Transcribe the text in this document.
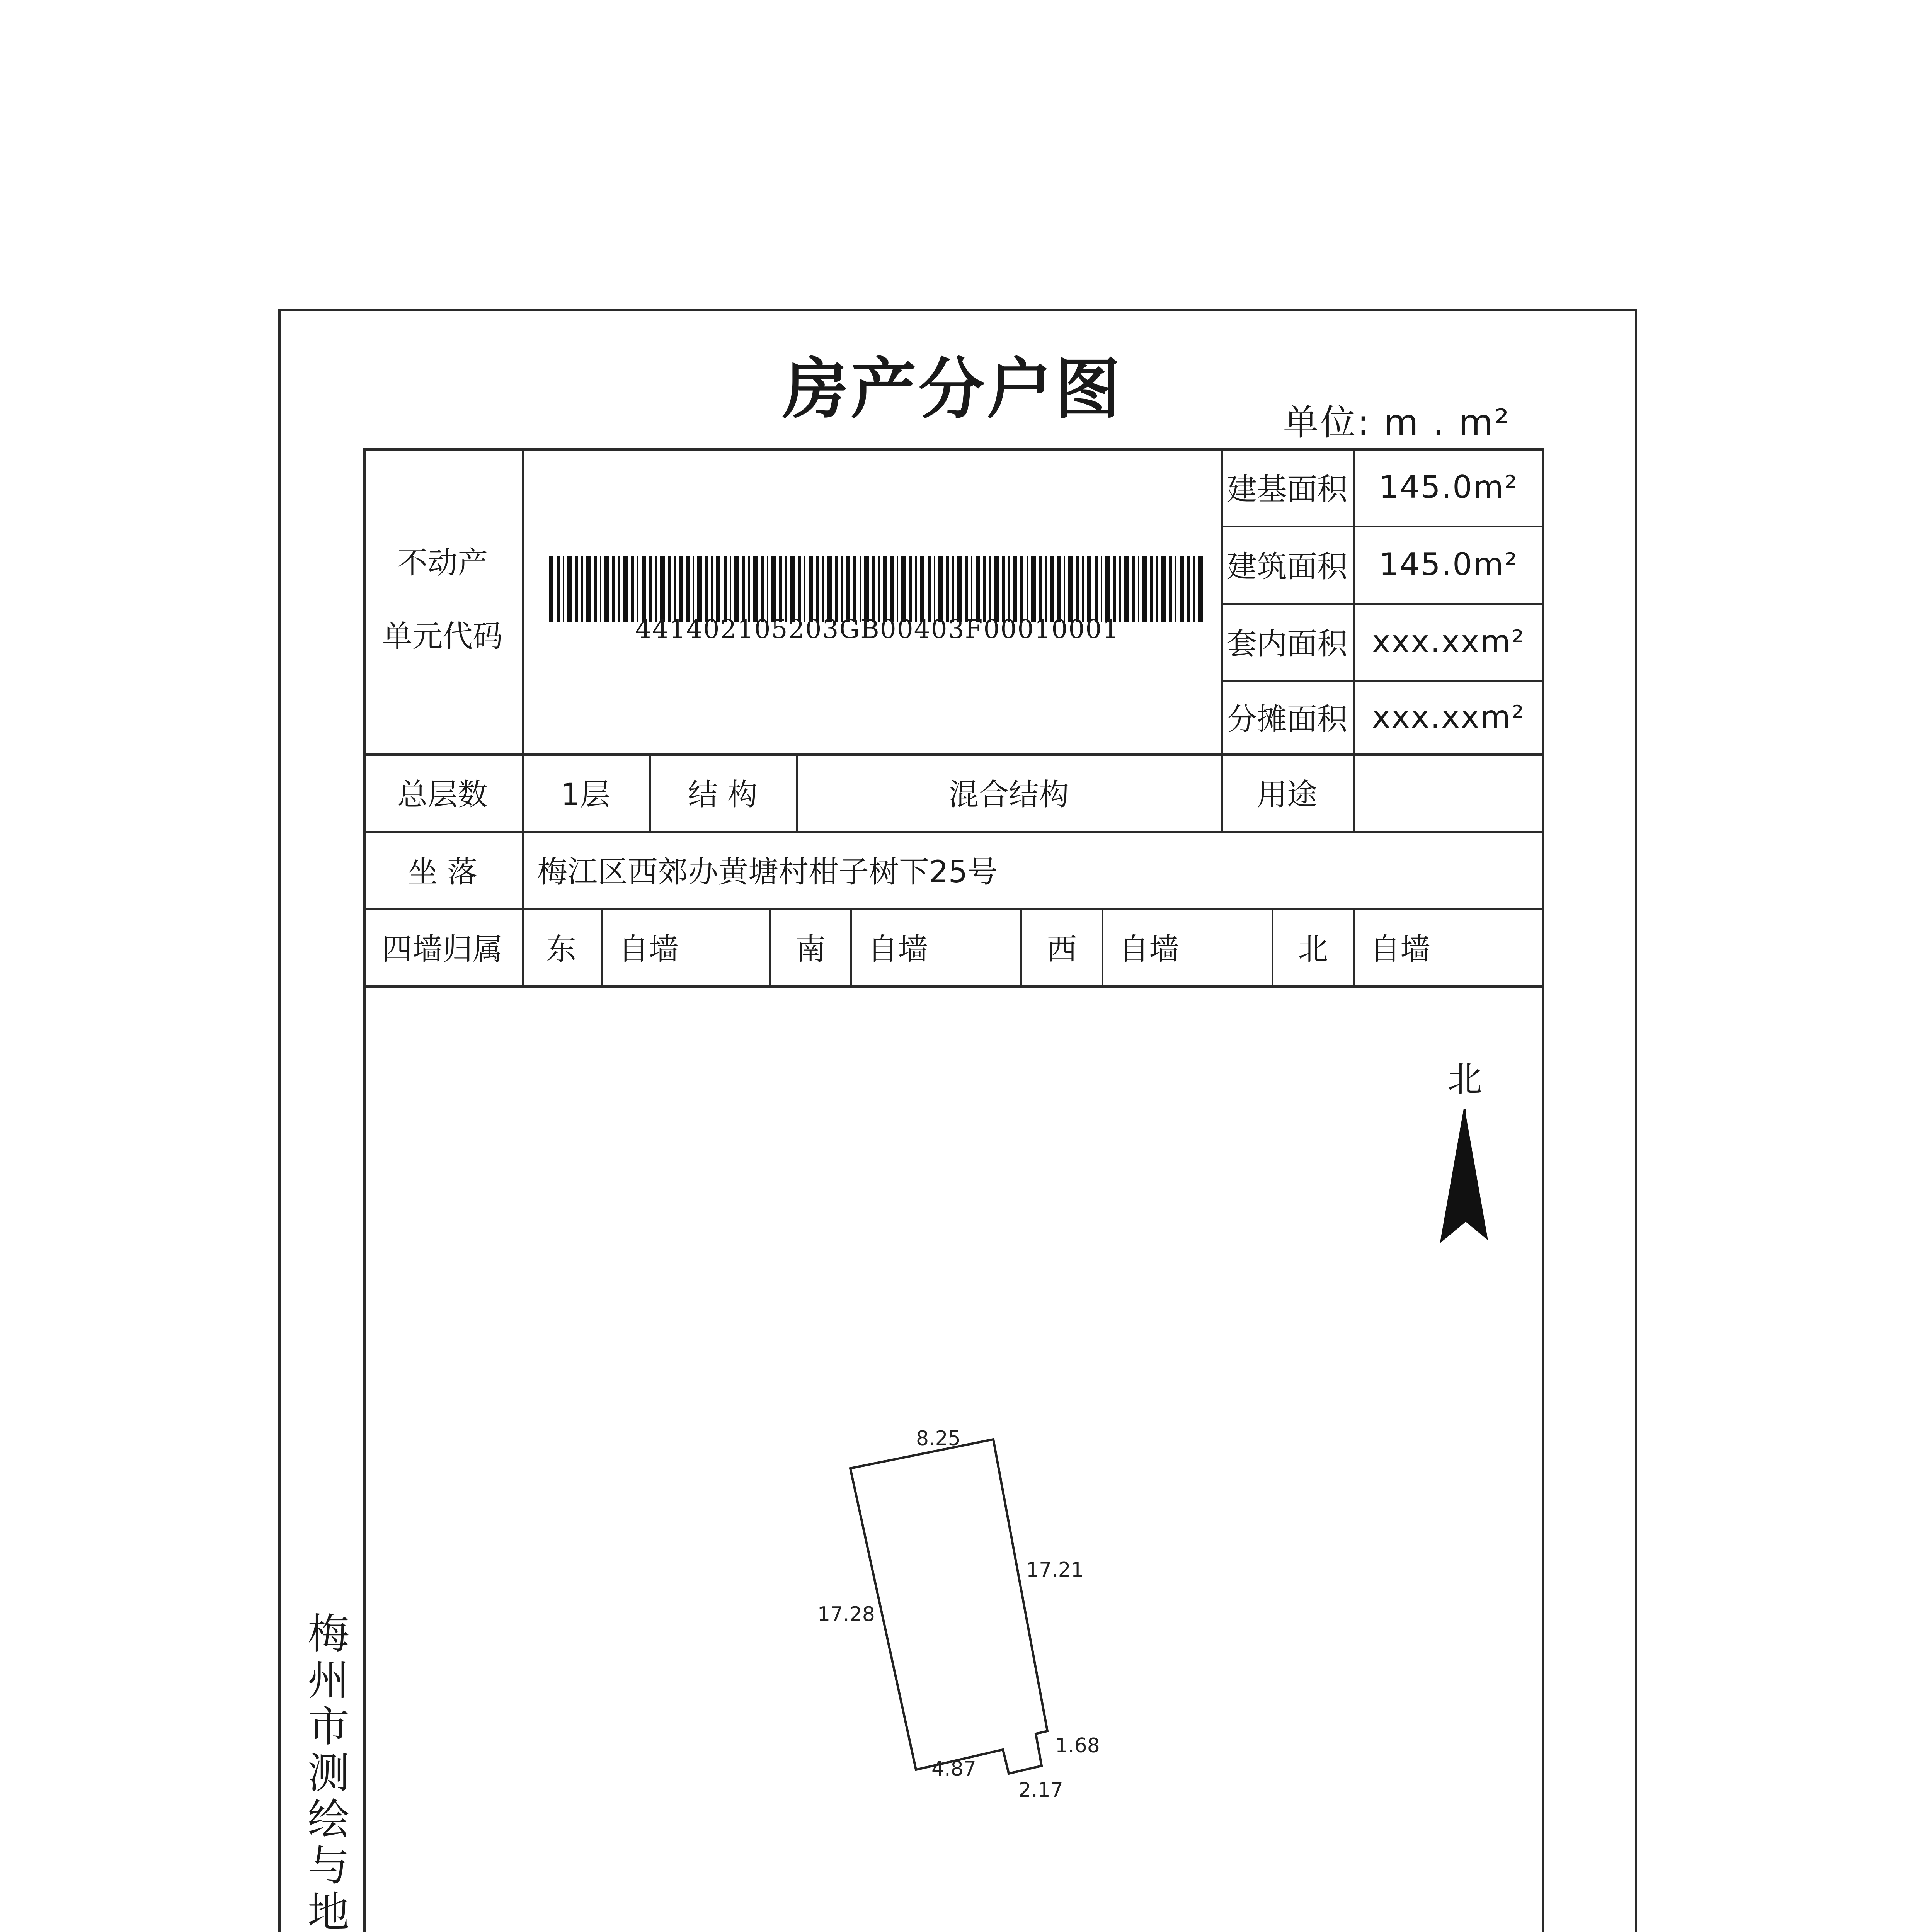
房产分户图	单位: m . m²
不动产
单元代码	441402105203GB00403F00010001
建基面积	145.0m²
建筑面积	145.0m²
套内面积 xxx.xxm²
分摊面积 xxx.xxm²
总层数	1层	结 构	混合结构	用途
坐 落	梅江区西郊办黄塘村柑子树下25号
四墙归属	东	自墙	南	自墙	西	自墙	北	自墙
北
8.25
17.21
17.28
1.68
4.87
2.17
梅
州
市
测
绘
与
地
